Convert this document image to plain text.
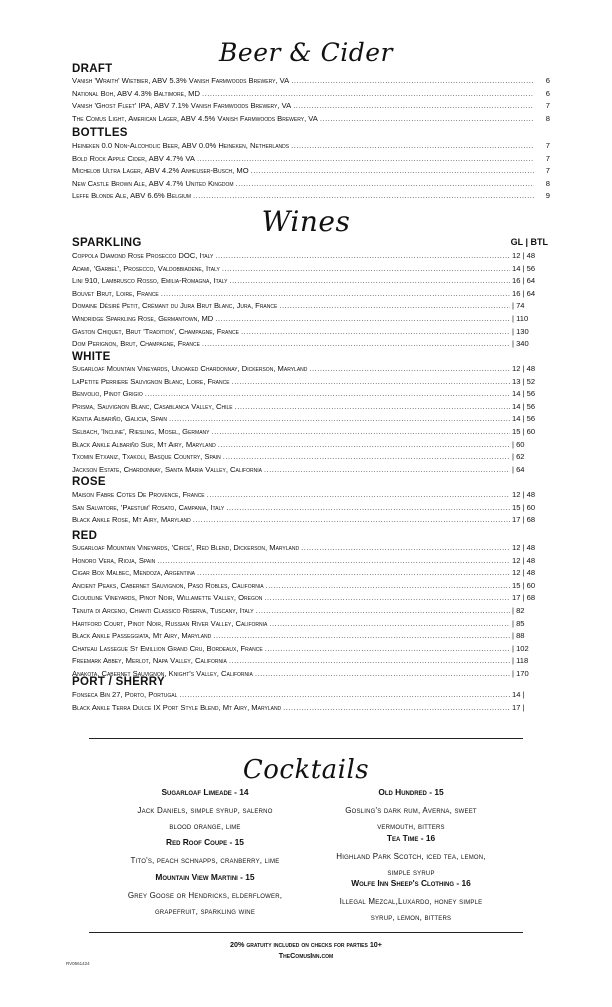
Beer & Cider
DRAFT
Vanish 'Wraith' Wietbier, ABV 5.3% Vanish Farmwoods Brewery, VA .....	6
National Boh, ABV 4.3% Baltimore, MD .....	6
Vanish 'Ghost Fleet' IPA, ABV 7.1% Vanish Farmwoods Brewery, VA .....	7
The Comus Light, American Lager, ABV 4.5% Vanish Farmwoods Brewery, VA .....	8
BOTTLES
Heineken 0.0 Non-Alcoholic Beer, ABV 0.0% Heineken, Netherlands .....	7
Bold Rock Apple Cider, ABV 4.7% VA .....	7
Michelob Ultra Lager, ABV 4.2% Anheuser-Busch, MO .....	7
New Castle Brown Ale, ABV 4.7% United Kingdom .....	8
Leffe Blonde Ale, ABV 6.6% Belgium .....	9
Wines
SPARKLING	GL | BTL
Coppola Diamond Rose Prosecco DOC, Italy .....	12 | 48
Adami, 'Garbel', Prosecco, Valdobbiadene, Italy .....	14 | 56
Lini 910, Lambrusco Rosso, Emilia-Romagna, Italy .....	16 | 64
Bouvet Brut, Loire, France .....	16 | 64
Domaine Désiré Petit, Crémant du Jura Brut Blanc, Jura, France .....	| 74
Windridge Sparkling Rose, Germantown, MD .....	| 110
Gaston Chiquet, Brut 'Tradition', Champagne, France .....	| 130
Dom Perignon, Brut, Champagne, France .....	| 340
WHITE
Sugarloaf Mountain Vineyards, Unoaked Chardonnay, Dickerson, Maryland .....	12 | 48
LaPetite Perriere Sauvignon Blanc, Loire, France .....	13 | 52
Benvolio, Pinot Grigio .....	14 | 56
Prisma, Sauvignon Blanc, Casablanca Valley, Chile .....	14 | 56
Kentia Albariño, Galicia, Spain .....	14 | 56
Selbach, 'Incline', Riesling, Mosel, Germany .....	15 | 60
Black Ankle Albariño Sur, Mt Airy, Maryland .....	| 60
Txomin Etxaniz, Txakoli, Basque Country, Spain .....	| 62
Jackson Estate, Chardonnay, Santa Maria Valley, California .....	| 64
ROSE
Maison Fabre Cotes De Provence, France .....	12 | 48
San Salvatore, 'Paestum' Rosato, Campania, Italy .....	15 | 60
Black Ankle Rose, Mt Airy, Maryland .....	17 | 68
RED
Sugarloaf Mountain Vineyards, 'Circe', Red Blend, Dickerson, Maryland .....	12 | 48
Honoro Vera, Rioja, Spain .....	12 | 48
Cigar Box Malbec, Mendoza, Argentina .....	12 | 48
Ancient Peaks, Cabernet Sauvignon, Paso Robles, California .....	15 | 60
Cloudline Vineyards, Pinot Noir, Willamette Valley, Oregon .....	17 | 68
Tenuta di Arceno, Chianti Classico Riserva, Tuscany, Italy .....	| 82
Hartford Court, Pinot Noir, Russian River Valley, California .....	| 85
Black Ankle Passeggiata, Mt Airy, Maryland .....	| 88
Chateau Lassegue St Emillion Grand Cru, Bordeaux, France .....	| 102
Freemark Abbey, Merlot, Napa Valley, California .....	| 118
Anakota, Cabernet Sauvignon, Knight's Valley, California .....	| 170
PORT / SHERRY
Fonseca Bin 27, Porto, Portugal .....	14 |
Black Ankle Terra Dulce IX Port Style Blend, Mt Airy, Maryland .....	17 |
Cocktails
Sugarloaf Limeade - 14
Jack Daniels, simple syrup, salerno
blood orange, lime
Red Roof Coupe - 15
Tito's, peach schnapps, cranberry, lime
Mountain View Martini - 15
Grey Goose or Hendricks, elderflower,
grapefruit, sparkling wine
Old Hundred - 15
Gosling's dark rum, Averna, sweet
vermouth, bitters
Tea Time - 16
Highland Park Scotch, iced tea, lemon,
simple syrup
Wolfe Inn Sheep's Clothing - 16
Illegal Mezcal,Luxardo, honey simple
syrup, lemon, bitters
20% gratuity included on checks for parties 10+
TheComusInn.com
RV0561424
